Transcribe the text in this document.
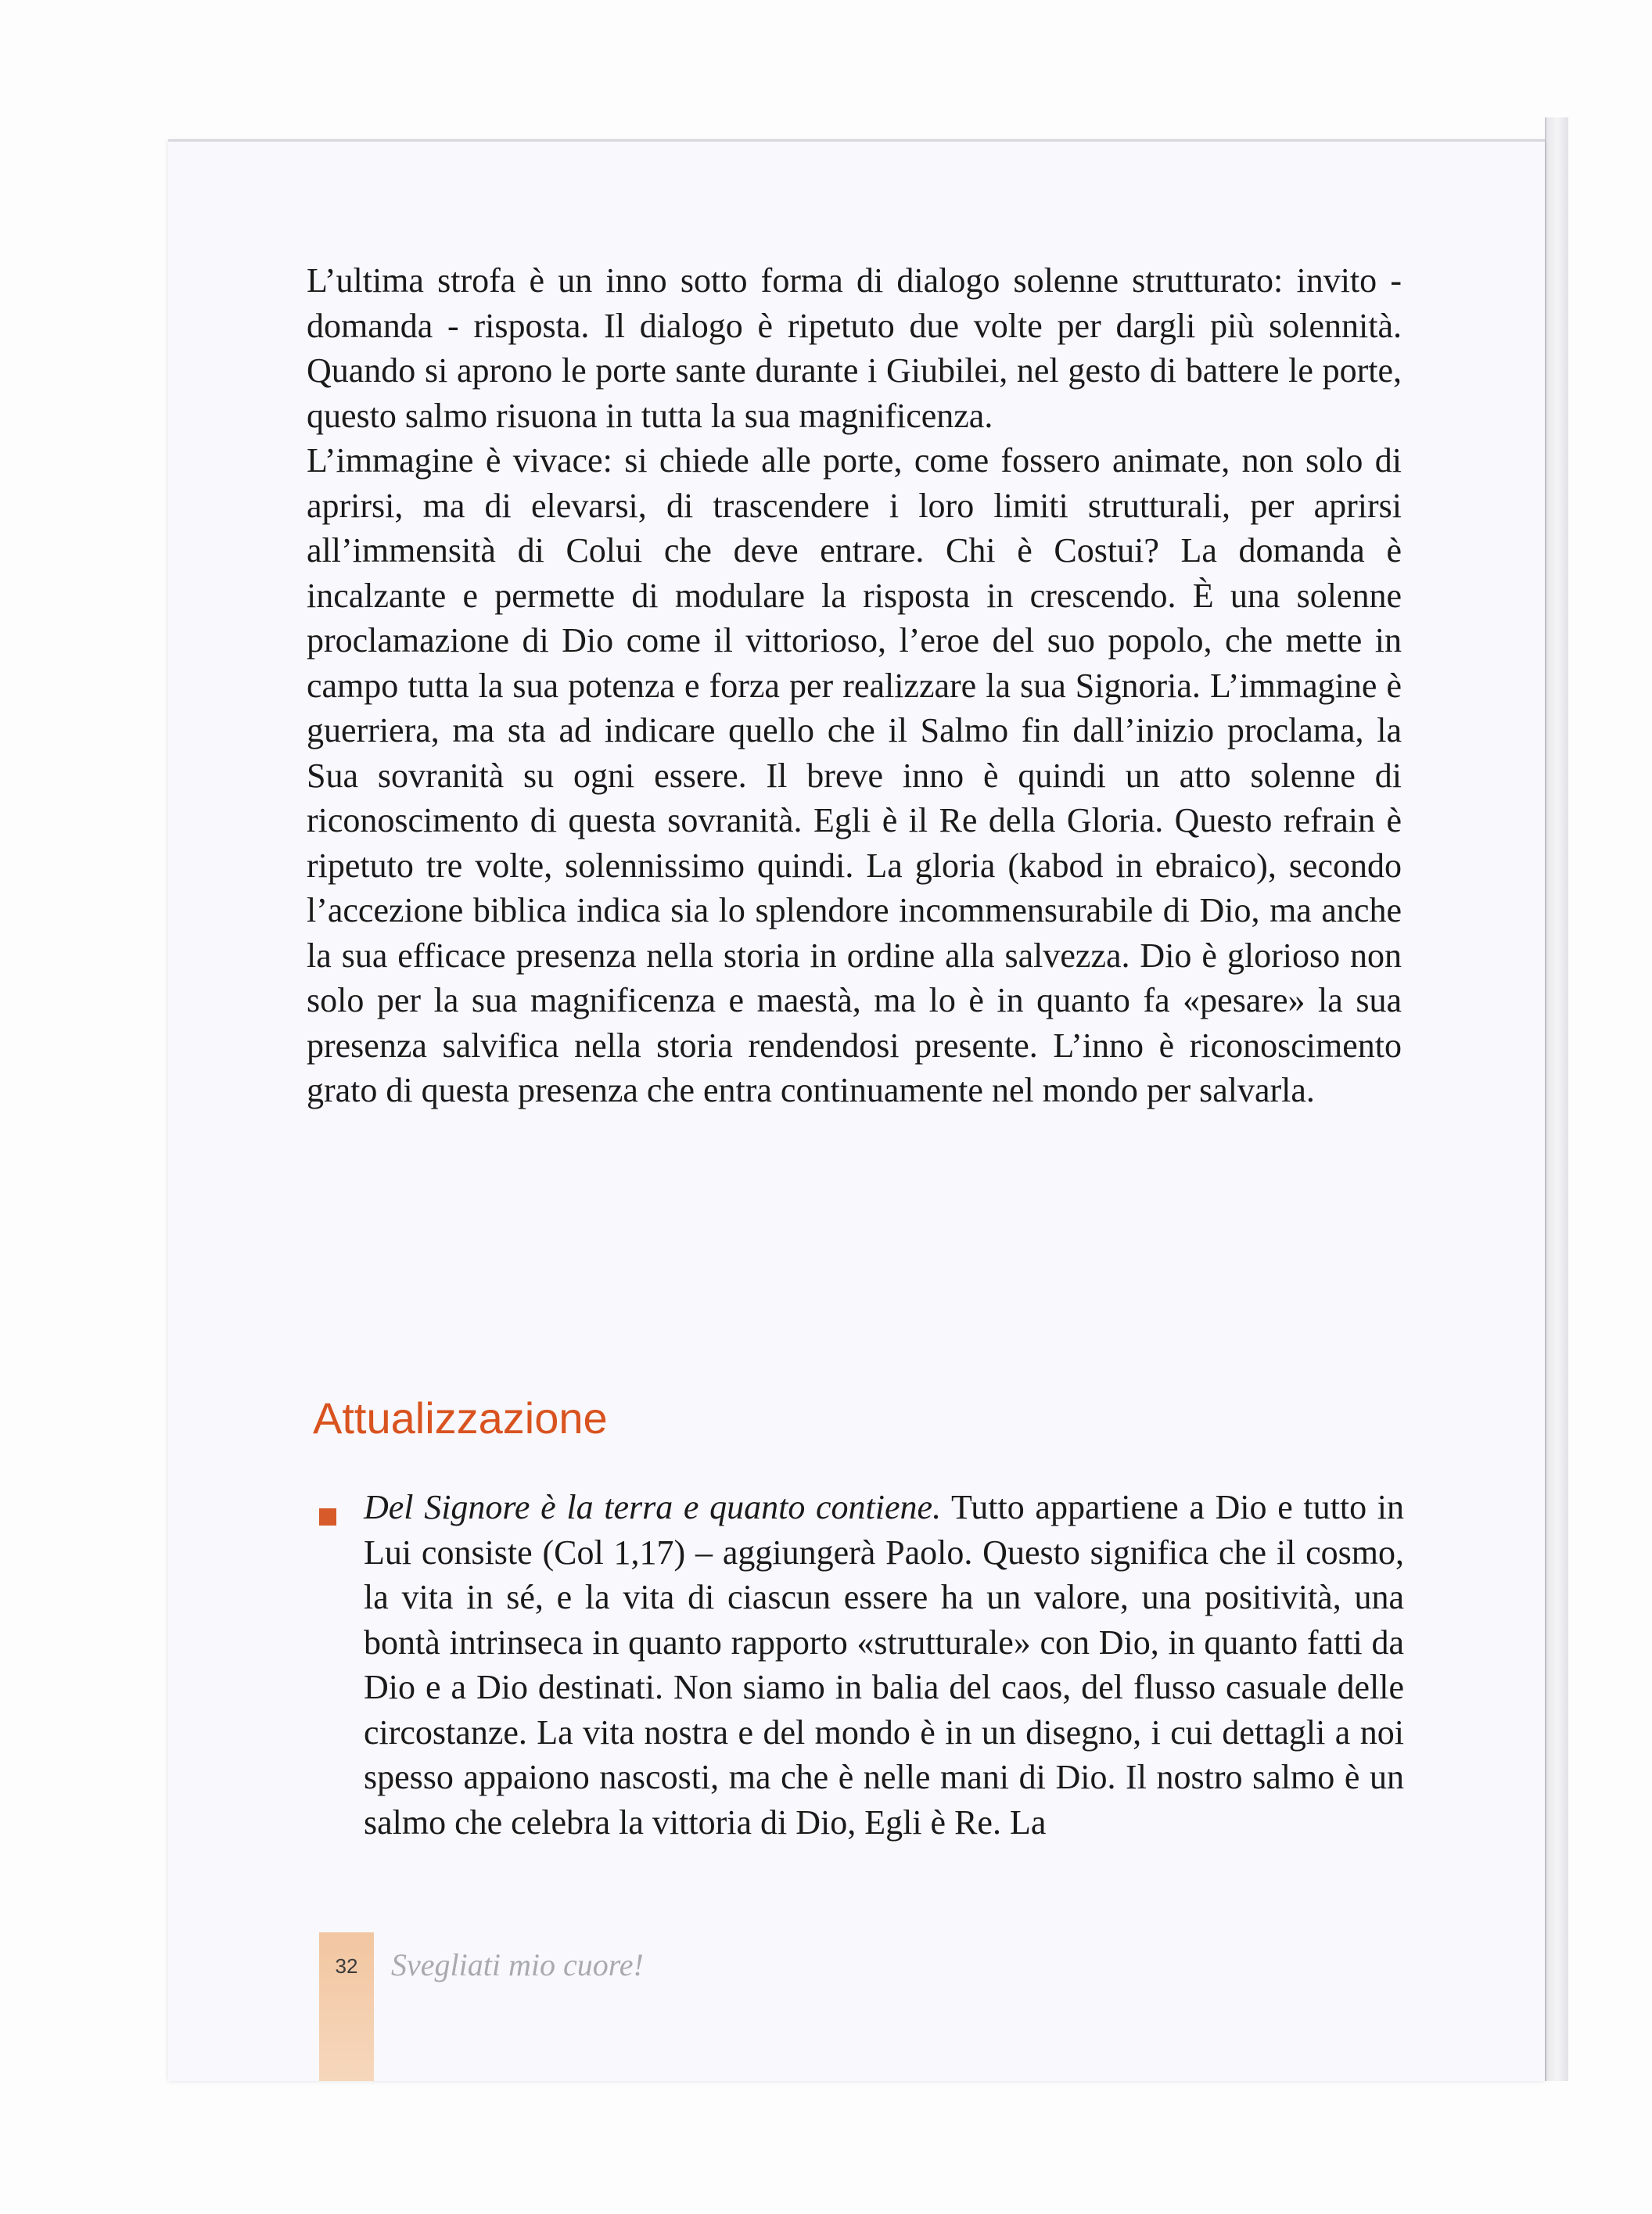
L’ultima strofa è un inno sotto forma di dialogo solenne strutturato: invito - domanda - risposta. Il dialogo è ripetuto due volte per dargli più solennità. Quando si aprono le porte sante durante i Giubilei, nel gesto di battere le porte, questo salmo risuona in tutta la sua magnificenza.

L’immagine è vivace: si chiede alle porte, come fossero animate, non solo di aprirsi, ma di elevarsi, di trascendere i loro limiti strutturali, per aprirsi all’immensità di Colui che deve entrare. Chi è Costui? La domanda è incalzante e permette di modulare la risposta in crescendo. È una solenne proclamazione di Dio come il vittorioso, l’eroe del suo popolo, che mette in campo tutta la sua potenza e forza per realizzare la sua Signoria. L’immagine è guerriera, ma sta ad indicare quello che il Salmo fin dall’inizio proclama, la Sua sovranità su ogni essere. Il breve inno è quindi un atto solenne di riconoscimento di questa sovranità. Egli è il Re della Gloria. Questo refrain è ripetuto tre volte, solennissimo quindi. La gloria (kabod in ebraico), secondo l’accezione biblica indica sia lo splendore incommensurabile di Dio, ma anche la sua efficace presenza nella storia in ordine alla salvezza. Dio è glorioso non solo per la sua magnificenza e maestà, ma lo è in quanto fa «pesare» la sua presenza salvifica nella storia rendendosi presente. L’inno è riconoscimento grato di questa presenza che entra continuamente nel mondo per salvarla.

Attualizzazione

Del Signore è la terra e quanto contiene. Tutto appartiene a Dio e tutto in Lui consiste (Col 1,17) – aggiungerà Paolo. Questo significa che il cosmo, la vita in sé, e la vita di ciascun essere ha un valore, una positività, una bontà intrinseca in quanto rapporto «strutturale» con Dio, in quanto fatti da Dio e a Dio destinati. Non siamo in balia del caos, del flusso casuale delle circostanze. La vita nostra e del mondo è in un disegno, i cui dettagli a noi spesso appaiono nascosti, ma che è nelle mani di Dio. Il nostro salmo è un salmo che celebra la vittoria di Dio, Egli è Re. La

32	Svegliati mio cuore!
